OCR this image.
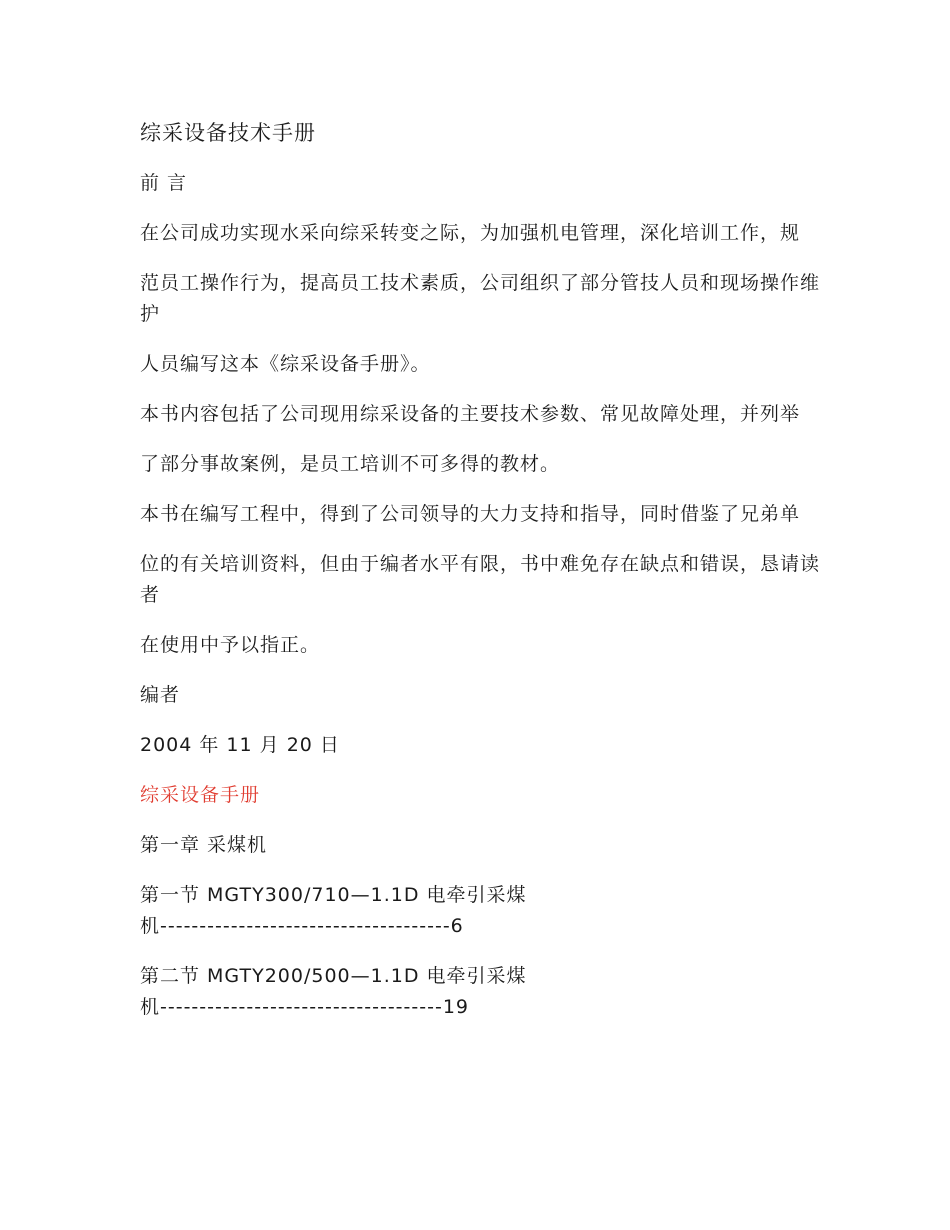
综采设备技术手册

前 言

在公司成功实现水采向综采转变之际，为加强机电管理，深化培训工作，规

范员工操作行为，提高员工技术素质，公司组织了部分管技人员和现场操作维护

人员编写这本《综采设备手册》。

本书内容包括了公司现用综采设备的主要技术参数、常见故障处理，并列举

了部分事故案例，是员工培训不可多得的教材。

本书在编写工程中，得到了公司领导的大力支持和指导，同时借鉴了兄弟单

位的有关培训资料，但由于编者水平有限，书中难免存在缺点和错误，恳请读者

在使用中予以指正。

编者

2004 年 11 月 20 日

综采设备手册

第一章 采煤机

第一节 MGTY300/710—1.1D 电牵引采煤

机-------------------------------------6

第二节 MGTY200/500—1.1D 电牵引采煤

机------------------------------------19
